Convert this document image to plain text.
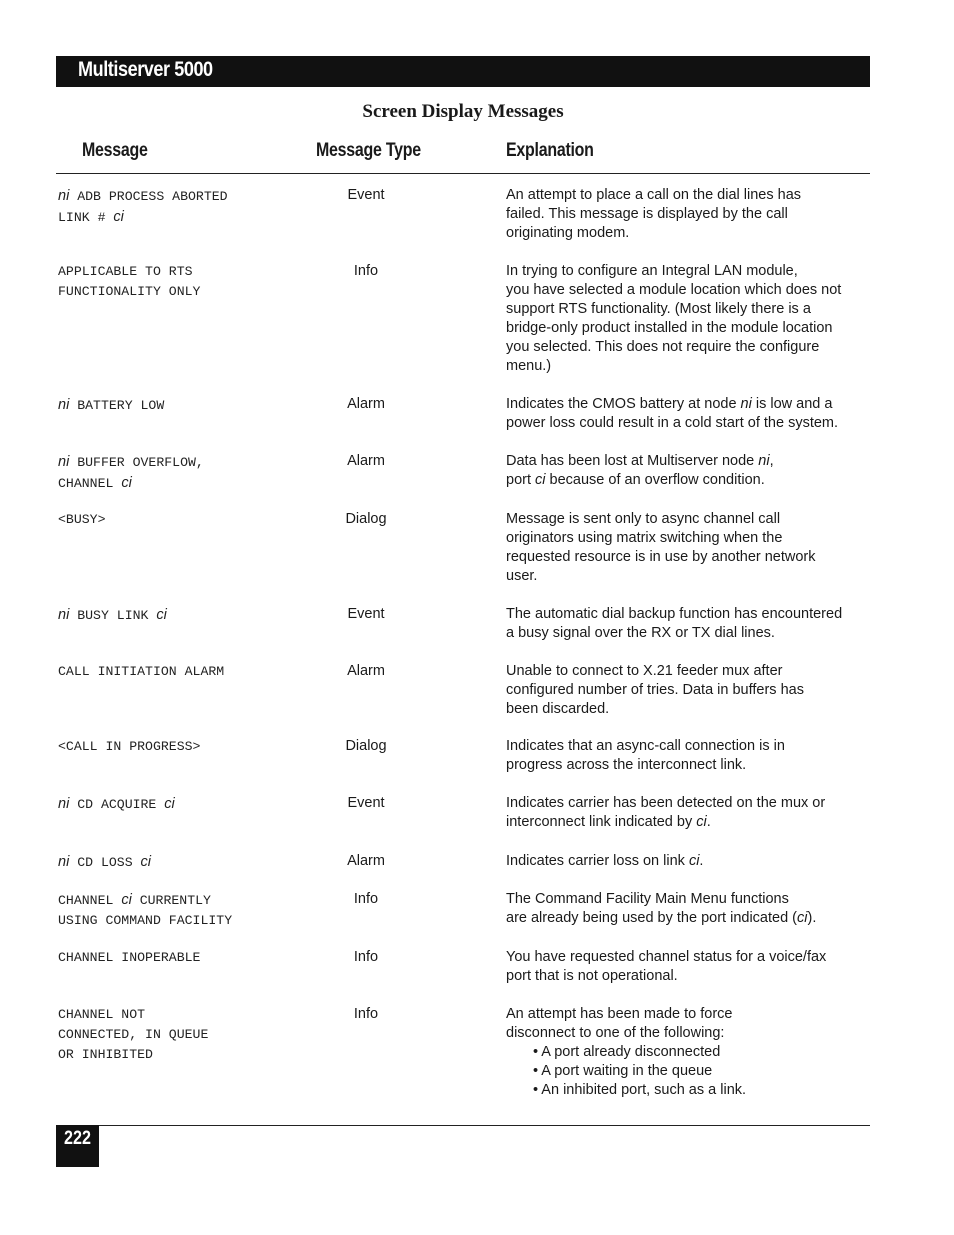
Multiserver 5000
Screen Display Messages
Message	Message Type	Explanation
ni ADB PROCESS ABORTED
LINK # ci
Event	An attempt to place a call on the dial lines has
failed. This message is displayed by the call
originating modem.
APPLICABLE TO RTS
FUNCTIONALITY ONLY
Info	In trying to configure an Integral LAN module,
you have selected a module location which does not
support RTS functionality. (Most likely there is a
bridge-only product installed in the module location
you selected. This does not require the configure
menu.)
ni BATTERY LOW	Alarm	Indicates the CMOS battery at node ni is low and a
power loss could result in a cold start of the system.
ni BUFFER OVERFLOW,
CHANNEL ci
Alarm	Data has been lost at Multiserver node ni,
port ci because of an overflow condition.
<BUSY>	Dialog	Message is sent only to async channel call
originators using matrix switching when the
requested resource is in use by another network
user.
ni BUSY LINK ci	Event	The automatic dial backup function has encountered
a busy signal over the RX or TX dial lines.
CALL INITIATION ALARM	Alarm	Unable to connect to X.21 feeder mux after
configured number of tries. Data in buffers has
been discarded.
<CALL IN PROGRESS>	Dialog	Indicates that an async-call connection is in
progress across the interconnect link.
ni CD ACQUIRE ci	Event	Indicates carrier has been detected on the mux or
interconnect link indicated by ci.
ni CD LOSS ci	Alarm	Indicates carrier loss on link ci.
CHANNEL ci CURRENTLY
USING COMMAND FACILITY
Info	The Command Facility Main Menu functions
are already being used by the port indicated (ci).
CHANNEL INOPERABLE	Info	You have requested channel status for a voice/fax
port that is not operational.
CHANNEL NOT
CONNECTED, IN QUEUE
OR INHIBITED
Info	An attempt has been made to force
disconnect to one of the following:
• A port already disconnected
• A port waiting in the queue
• An inhibited port, such as a link.
222
